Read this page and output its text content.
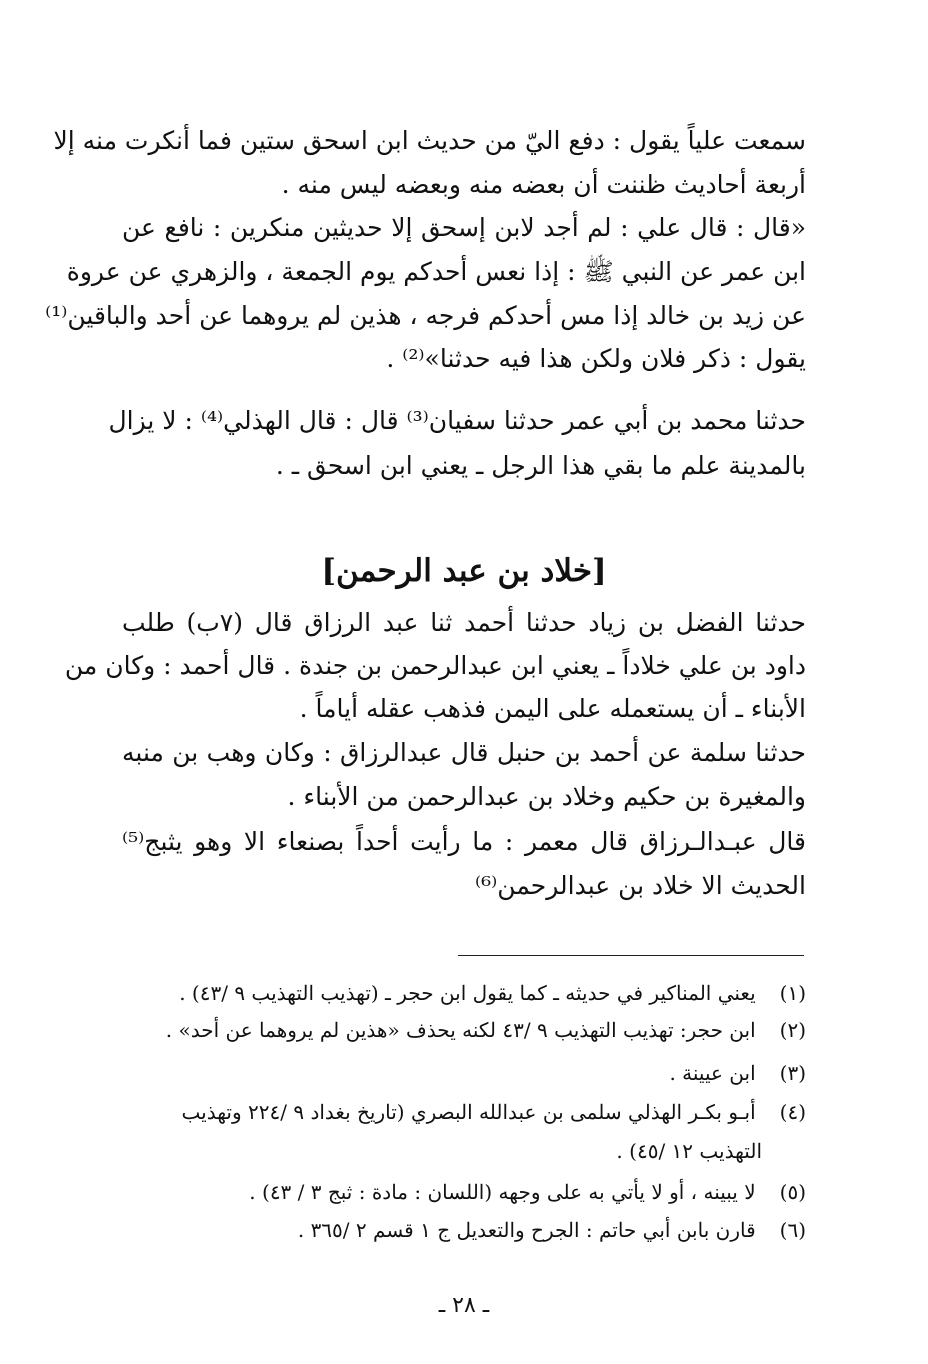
سمعت علياً يقول : دفع اليّ من حديث ابن اسحق ستين فما أنكرت منه إلا
أربعة أحاديث ظننت أن بعضه منه وبعضه ليس منه .
«قال : قال علي : لم أجد لابن إسحق إلا حديثين منكرين : نافع عن
ابن عمر عن النبي ﷺ : إذا نعس أحدكم يوم الجمعة ، والزهري عن عروة
عن زيد بن خالد إذا مس أحدكم فرجه ، هذين لم يروهما عن أحد والباقين⁽¹⁾
يقول : ذكر فلان ولكن هذا فيه حدثنا»⁽²⁾ .
حدثنا محمد بن أبي عمر حدثنا سفيان⁽³⁾ قال : قال الهذلي⁽⁴⁾ : لا يزال
بالمدينة علم ما بقي هذا الرجل ـ يعني ابن اسحق ـ .
[خلاد بن عبد الرحمن]
حدثنا الفضل بن زياد حدثنا أحمد ثنا عبد الرزاق قال (٧ب) طلب
داود بن علي خلاداً ـ يعني ابن عبدالرحمن بن جندة . قال أحمد : وكان من
الأبناء ـ أن يستعمله على اليمن فذهب عقله أياماً .
حدثنا سلمة عن أحمد بن حنبل قال عبدالرزاق : وكان وهب بن منبه
والمغيرة بن حكيم وخلاد بن عبدالرحمن من الأبناء .
قال عبـدالـرزاق قال معمر : ما رأيت أحداً بصنعاء الا وهو يثبج⁽⁵⁾
الحديث الا خلاد بن عبدالرحمن⁽⁶⁾
(١) يعني المناكير في حديثه ـ كما يقول ابن حجر ـ (تهذيب التهذيب ٩ /٤٣) .
(٢) ابن حجر: تهذيب التهذيب ٩ /٤٣ لكنه يحذف «هذين لم يروهما عن أحد» .
(٣) ابن عيينة .
(٤) أبـو بكـر الهذلي سلمى بن عبدالله البصري (تاريخ بغداد ٩ /٢٢٤ وتهذيب
التهذيب ١٢ /٤٥) .
(٥) لا يبينه ، أو لا يأتي به على وجهه (اللسان : مادة : ثبج ٣ / ٤٣) .
(٦) قارن بابن أبي حاتم : الجرح والتعديل ج ١ قسم ٢ /٣٦٥ .
ـ ٢٨ ـ
